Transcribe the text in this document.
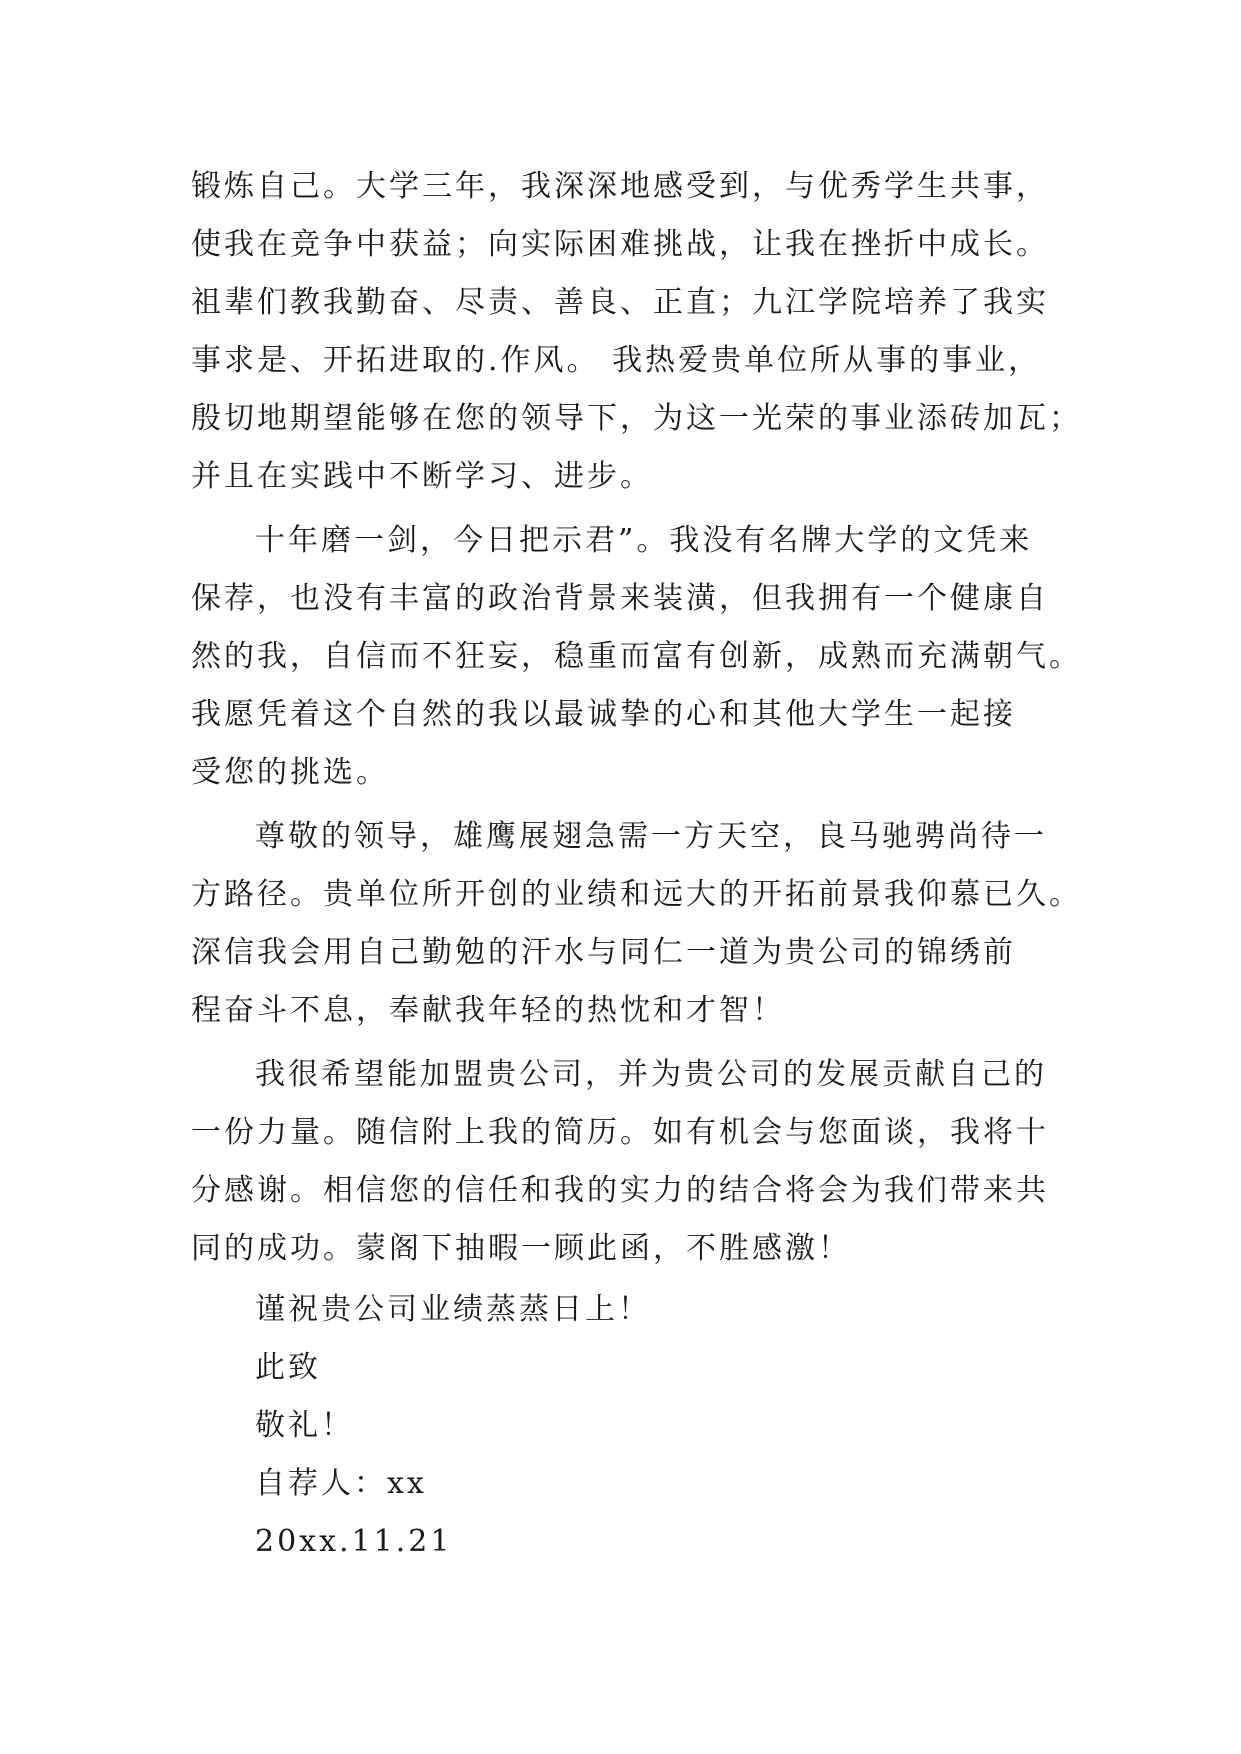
锻炼自己。大学三年，我深深地感受到，与优秀学生共事，
使我在竞争中获益；向实际困难挑战，让我在挫折中成长。
祖辈们教我勤奋、尽责、善良、正直；九江学院培养了我实
事求是、开拓进取的.作风。 我热爱贵单位所从事的事业，
殷切地期望能够在您的领导下，为这一光荣的事业添砖加瓦；
并且在实践中不断学习、进步。
十年磨一剑，今日把示君”。我没有名牌大学的文凭来
保荐，也没有丰富的政治背景来装潢，但我拥有一个健康自
然的我，自信而不狂妄，稳重而富有创新，成熟而充满朝气。
我愿凭着这个自然的我以最诚挚的心和其他大学生一起接
受您的挑选。
尊敬的领导，雄鹰展翅急需一方天空，良马驰骋尚待一
方路径。贵单位所开创的业绩和远大的开拓前景我仰慕已久。
深信我会用自己勤勉的汗水与同仁一道为贵公司的锦绣前
程奋斗不息，奉献我年轻的热忱和才智！
我很希望能加盟贵公司，并为贵公司的发展贡献自己的
一份力量。随信附上我的简历。如有机会与您面谈，我将十
分感谢。相信您的信任和我的实力的结合将会为我们带来共
同的成功。蒙阁下抽暇一顾此函，不胜感激！
谨祝贵公司业绩蒸蒸日上！
此致
敬礼！
自荐人：xx
20xx.11.21
